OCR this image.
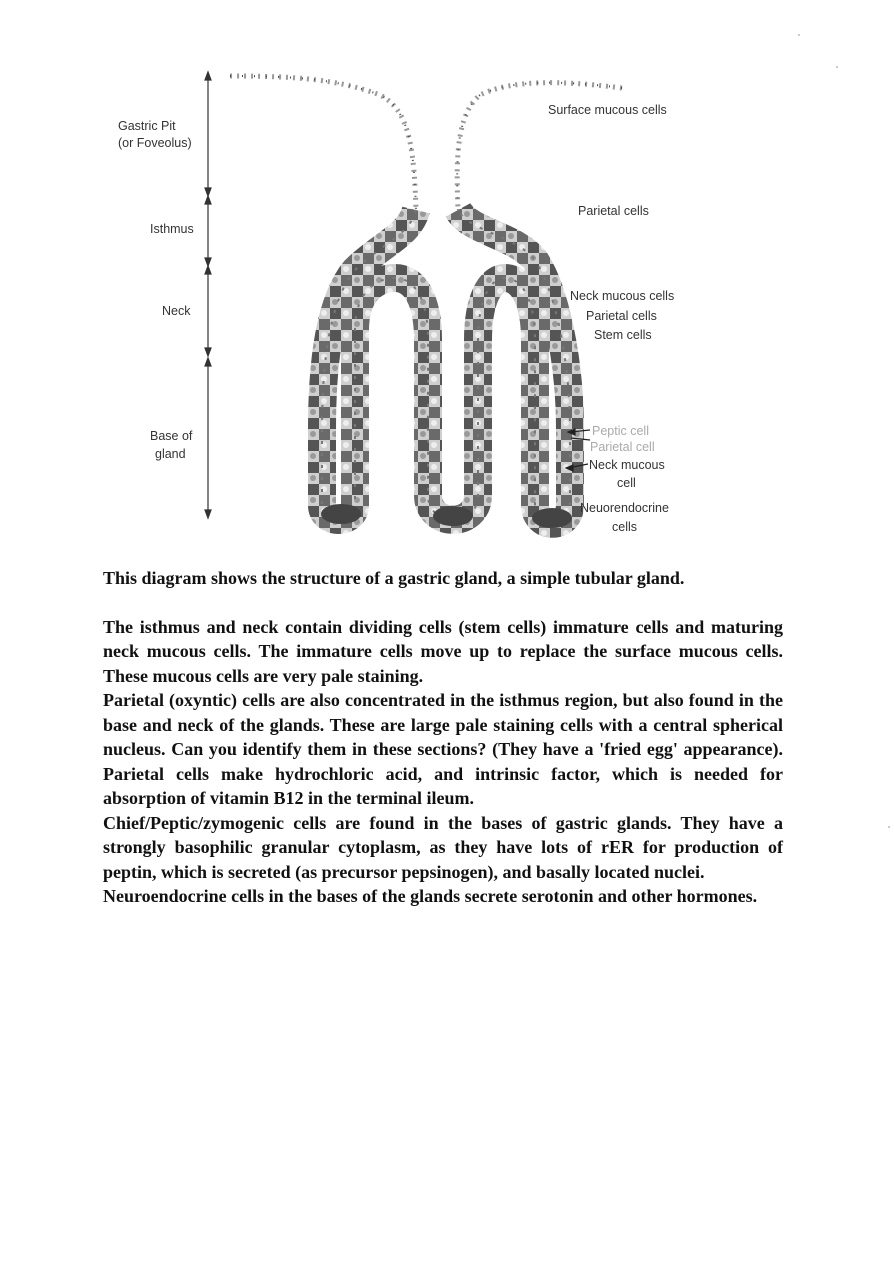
Gastric Pit
(or Foveolus)
Isthmus
Neck
Base of
gland
Surface mucous cells
Parietal cells
Neck mucous cells
Parietal cells
Stem cells
Peptic cell
Parietal cell
Neck mucous
cell
Neuorendocrine
cells

This diagram shows the structure of a gastric gland, a simple tubular gland.

The isthmus and neck contain dividing cells (stem cells) immature cells and maturing neck mucous cells. The immature cells move up to replace the surface mucous cells. These mucous cells are very pale staining.

Parietal (oxyntic) cells are also concentrated in the isthmus region, but also found in the base and neck of the glands. These are large pale staining cells with a central spherical nucleus. Can you identify them in these sections? (They have a 'fried egg' appearance). Parietal cells make hydrochloric acid, and intrinsic factor, which is needed for absorption of vitamin B12 in the terminal ileum.

Chief/Peptic/zymogenic cells are found in the bases of gastric glands. They have a strongly basophilic granular cytoplasm, as they have lots of rER for production of peptin, which is secreted (as precursor pepsinogen), and basally located nuclei.

Neuroendocrine cells in the bases of the glands secrete serotonin and other hormones.
